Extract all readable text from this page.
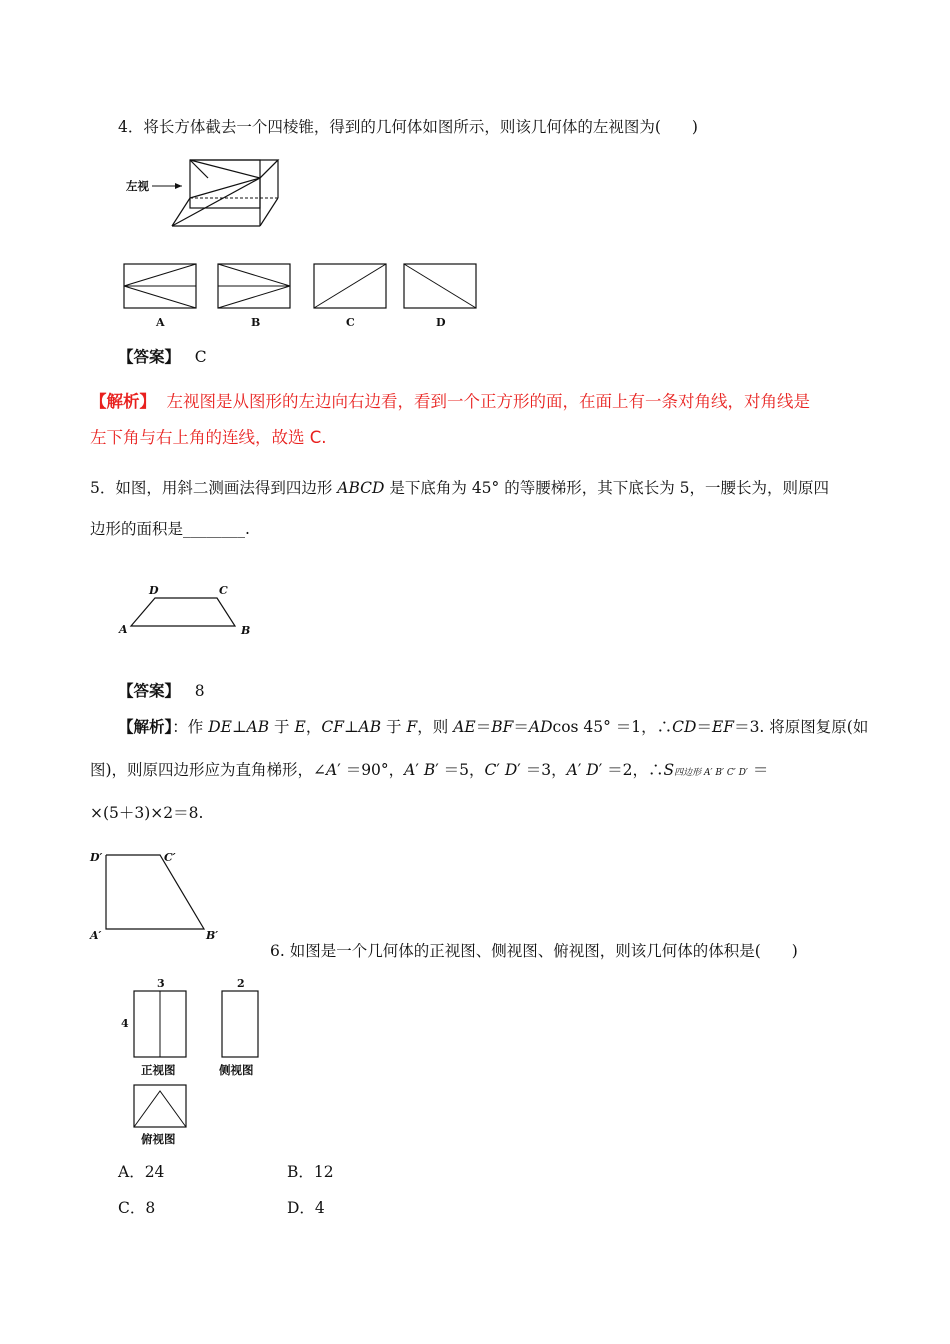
4．将长方体截去一个四棱锥，得到的几何体如图所示，则该几何体的左视图为(　　)
左视
A	B	C	D
【答案】 C
【解析】 左视图是从图形的左边向右边看，看到一个正方形的面，在面上有一条对角线，对角线是
左下角与右上角的连线，故选 C.
5．如图，用斜二测画法得到四边形 ABCD 是下底角为 45° 的等腰梯形，其下底长为 5，一腰长为，则原四
边形的面积是________.
D	C
A	B
【答案】 8
【解析】：作 DE⊥AB 于 E，CF⊥AB 于 F，则 AE＝BF＝ADcos 45° ＝1，∴CD＝EF＝3. 将原图复原(如
图)，则原四边形应为直角梯形，∠A′ ＝90°，A′ B′ ＝5，C′ D′ ＝3，A′ D′ ＝2，∴S四边形 A′ B′ C′ D′ ＝
×(5＋3)×2＝8.
D′	C′
A′	B′
6. 如图是一个几何体的正视图、侧视图、俯视图，则该几何体的体积是(　　)
3
4
正视图
2
侧视图
俯视图
A．24	B．12
C．8	D．4
